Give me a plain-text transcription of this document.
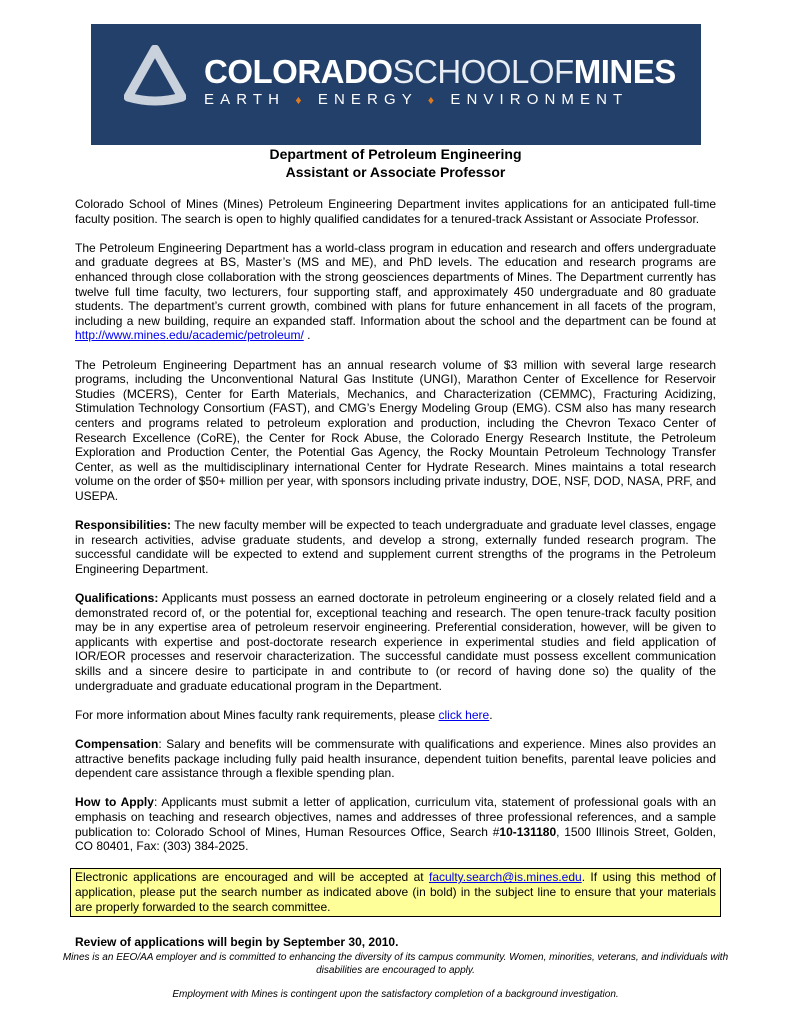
COLORADOSCHOOLOFMINES
EARTH ♦ ENERGY ♦ ENVIRONMENT
Department of Petroleum Engineering
Assistant or Associate Professor

Colorado School of Mines (Mines) Petroleum Engineering Department invites applications for an anticipated full-time faculty position. The search is open to highly qualified candidates for a tenured-track Assistant or Associate Professor.

The Petroleum Engineering Department has a world-class program in education and research and offers undergraduate and graduate degrees at BS, Master’s (MS and ME), and PhD levels. The education and research programs are enhanced through close collaboration with the strong geosciences departments of Mines. The Department currently has twelve full time faculty, two lecturers, four supporting staff, and approximately 450 undergraduate and 80 graduate students. The department’s current growth, combined with plans for future enhancement in all facets of the program, including a new building, require an expanded staff. Information about the school and the department can be found at http://www.mines.edu/academic/petroleum/ .

The Petroleum Engineering Department has an annual research volume of $3 million with several large research programs, including the Unconventional Natural Gas Institute (UNGI), Marathon Center of Excellence for Reservoir Studies (MCERS), Center for Earth Materials, Mechanics, and Characterization (CEMMC), Fracturing Acidizing, Stimulation Technology Consortium (FAST), and CMG’s Energy Modeling Group (EMG). CSM also has many research centers and programs related to petroleum exploration and production, including the Chevron Texaco Center of Research Excellence (CoRE), the Center for Rock Abuse, the Colorado Energy Research Institute, the Petroleum Exploration and Production Center, the Potential Gas Agency, the Rocky Mountain Petroleum Technology Transfer Center, as well as the multidisciplinary international Center for Hydrate Research. Mines maintains a total research volume on the order of $50+ million per year, with sponsors including private industry, DOE, NSF, DOD, NASA, PRF, and USEPA.

Responsibilities: The new faculty member will be expected to teach undergraduate and graduate level classes, engage in research activities, advise graduate students, and develop a strong, externally funded research program. The successful candidate will be expected to extend and supplement current strengths of the programs in the Petroleum Engineering Department.

Qualifications: Applicants must possess an earned doctorate in petroleum engineering or a closely related field and a demonstrated record of, or the potential for, exceptional teaching and research. The open tenure-track faculty position may be in any expertise area of petroleum reservoir engineering. Preferential consideration, however, will be given to applicants with expertise and post-doctorate research experience in experimental studies and field application of IOR/EOR processes and reservoir characterization. The successful candidate must possess excellent communication skills and a sincere desire to participate in and contribute to (or record of having done so) the quality of the undergraduate and graduate educational program in the Department.

For more information about Mines faculty rank requirements, please click here.

Compensation: Salary and benefits will be commensurate with qualifications and experience. Mines also provides an attractive benefits package including fully paid health insurance, dependent tuition benefits, parental leave policies and dependent care assistance through a flexible spending plan.

How to Apply: Applicants must submit a letter of application, curriculum vita, statement of professional goals with an emphasis on teaching and research objectives, names and addresses of three professional references, and a sample publication to: Colorado School of Mines, Human Resources Office, Search #10-131180, 1500 Illinois Street, Golden, CO 80401, Fax: (303) 384-2025.

Electronic applications are encouraged and will be accepted at faculty.search@is.mines.edu. If using this method of application, please put the search number as indicated above (in bold) in the subject line to ensure that your materials are properly forwarded to the search committee.

Review of applications will begin by September 30, 2010.

Mines is an EEO/AA employer and is committed to enhancing the diversity of its campus community. Women, minorities, veterans, and individuals with disabilities are encouraged to apply.
Employment with Mines is contingent upon the satisfactory completion of a background investigation.
